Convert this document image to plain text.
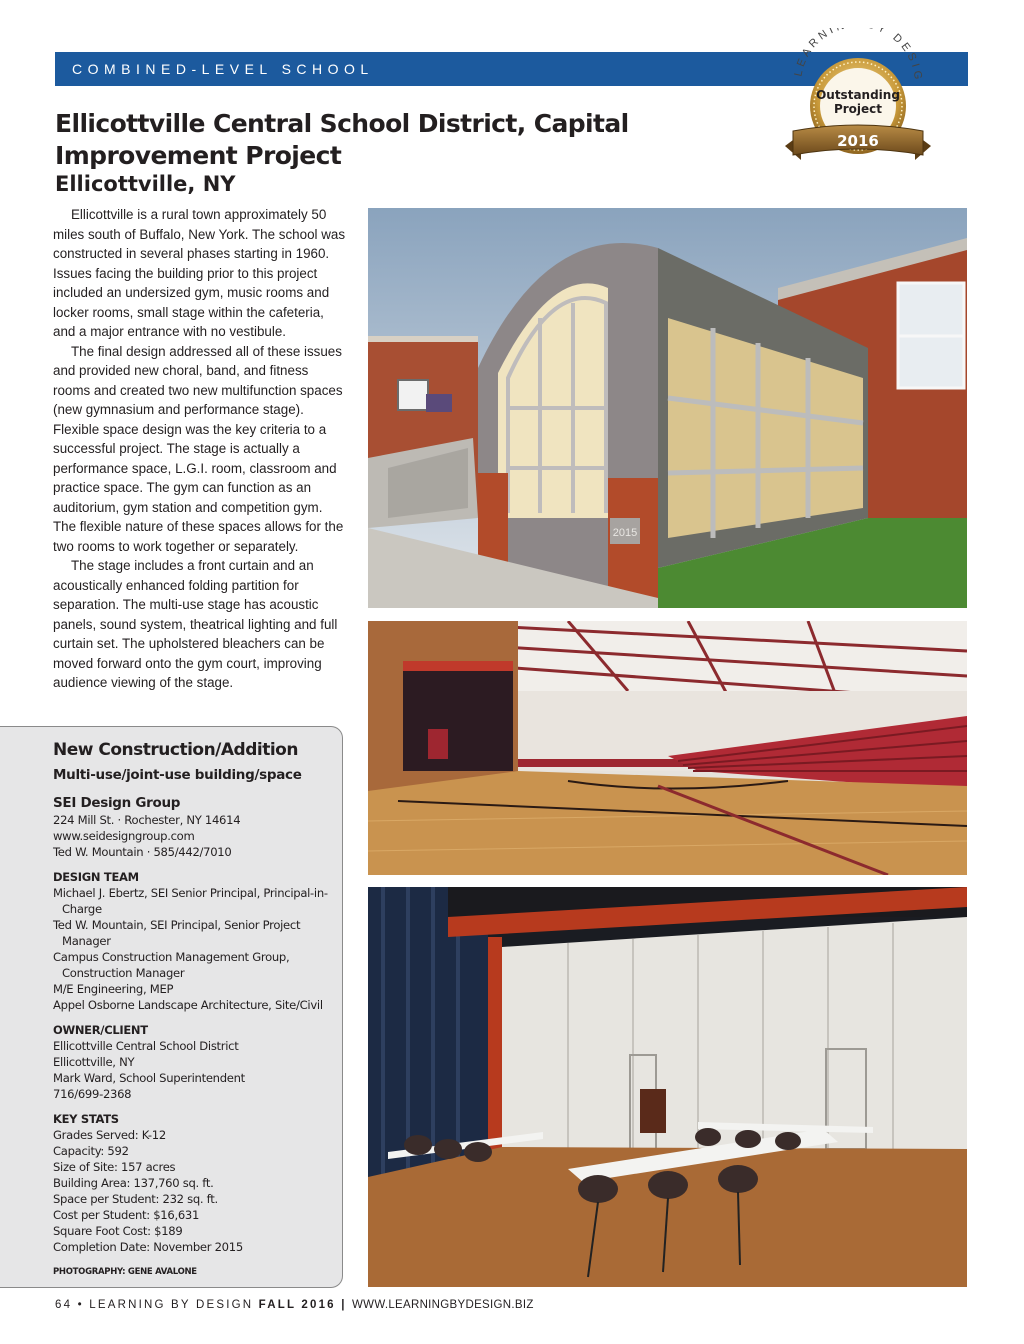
COMBINED-LEVEL SCHOOL	LEARNI Y DESIG
Outstanding
Project
2016
Ellicottville Central School District, Capital Improvement Project
Ellicottville, NY

Ellicottville is a rural town approximately 50 miles south of Buffalo, New York. The school was constructed in several phases starting in 1960. Issues facing the building prior to this project included an undersized gym, music rooms and locker rooms, small stage within the cafeteria, and a major entrance with no vestibule.

The final design addressed all of these issues and provided new choral, band, and fitness rooms and created two new multifunction spaces (new gymnasium and performance stage). Flexible space design was the key criteria to a successful project. The stage is actually a performance space, L.G.I. room, classroom and practice space. The gym can function as an auditorium, gym station and competition gym. The flexible nature of these spaces allows for the two rooms to work together or separately.

The stage includes a front curtain and an acoustically enhanced folding partition for separation. The multi-use stage has acoustic panels, sound system, theatrical lighting and full curtain set. The upholstered bleachers can be moved forward onto the gym court, improving audience viewing of the stage.

New Construction/Addition
Multi-use/joint-use building/space
SEI Design Group
224 Mill St. · Rochester, NY 14614
www.seidesigngroup.com
Ted W. Mountain · 585/442/7010
DESIGN TEAM
Michael J. Ebertz, SEI Senior Principal, Principal-in-Charge
Ted W. Mountain, SEI Principal, Senior Project Manager
Campus Construction Management Group, Construction Manager
M/E Engineering, MEP
Appel Osborne Landscape Architecture, Site/Civil
OWNER/CLIENT
Ellicottville Central School District
Ellicottville, NY
Mark Ward, School Superintendent
716/699-2368
KEY STATS
Grades Served: K-12
Capacity: 592
Size of Site: 157 acres
Building Area: 137,760 sq. ft.
Space per Student: 232 sq. ft.
Cost per Student: $16,631
Square Foot Cost: $189
Completion Date: November 2015
PHOTOGRAPHY: GENE AVALONE
2015
64 • LEARNING BY DESIGN FALL 2016 | WWW.LEARNINGBYDESIGN.BIZ
